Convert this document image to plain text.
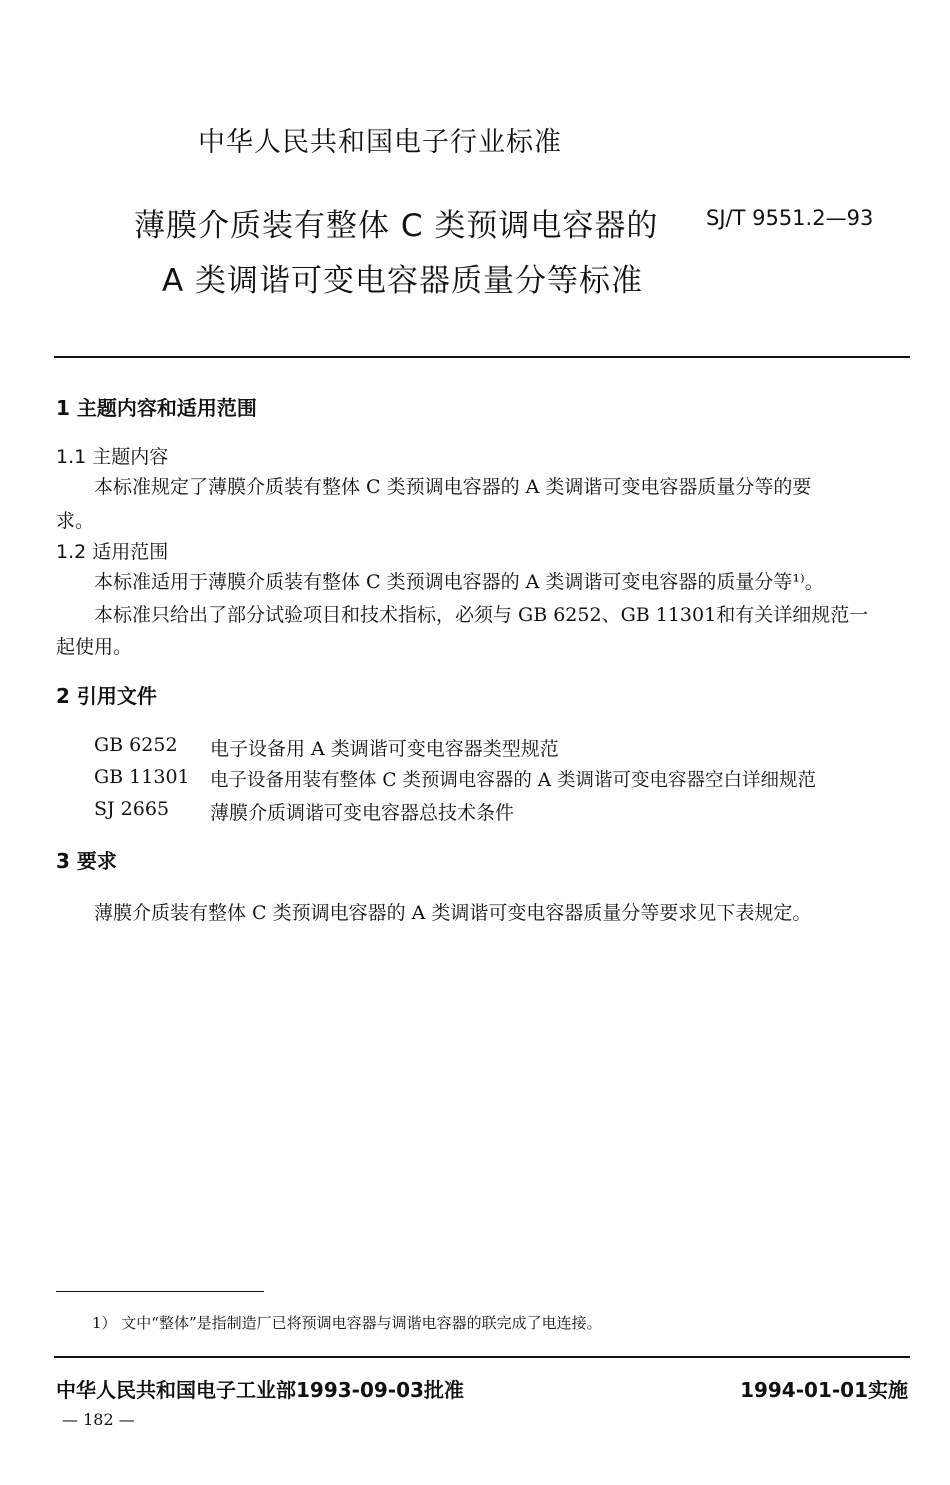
中华人民共和国电子行业标准
薄膜介质装有整体 C 类预调电容器的
A 类调谐可变电容器质量分等标准
SJ/T 9551.2—93
1 主题内容和适用范围
1.1 主题内容
本标准规定了薄膜介质装有整体 C 类预调电容器的 A 类调谐可变电容器质量分等的要
求。
1.2 适用范围
本标准适用于薄膜介质装有整体 C 类预调电容器的 A 类调谐可变电容器的质量分等¹⁾。
本标准只给出了部分试验项目和技术指标，必须与 GB 6252、GB 11301和有关详细规范一
起使用。
2 引用文件
GB 6252 电子设备用 A 类调谐可变电容器类型规范
GB 11301 电子设备用装有整体 C 类预调电容器的 A 类调谐可变电容器空白详细规范
SJ 2665 薄膜介质调谐可变电容器总技术条件
3 要求
薄膜介质装有整体 C 类预调电容器的 A 类调谐可变电容器质量分等要求见下表规定。
1） 文中“整体”是指制造厂已将预调电容器与调谐电容器的联完成了电连接。
中华人民共和国电子工业部1993-09-03批准	1994-01-01实施
— 182 —
